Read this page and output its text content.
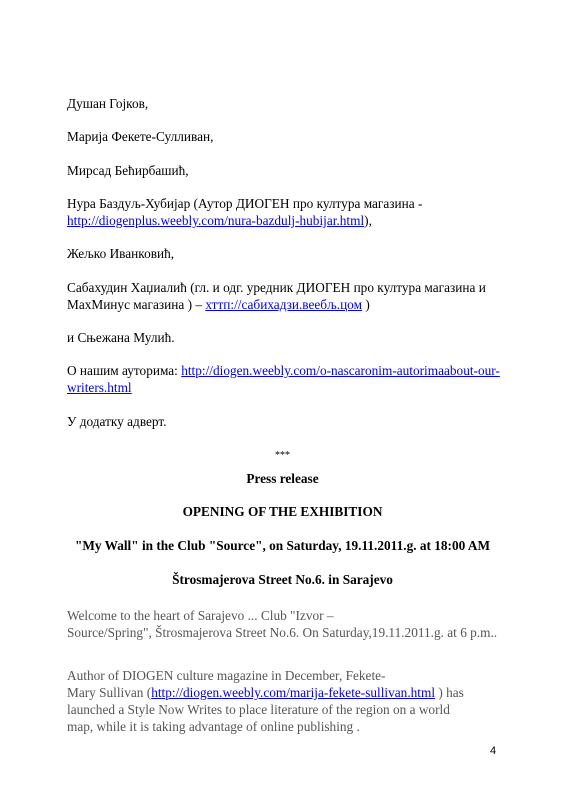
Душан Гојков,
Марија Фекете-Сулливан,
Мирсад Бећирбашић,
Нура Баздуљ-Хубијар (Аутор ДИОГЕН про култура магазина -
http://diogenplus.weebly.com/nura-bazdulj-hubijar.html),
Жељко Иванковић,
Сабахудин Хаџиалић (гл. и одг. уредник ДИОГЕН про култура магазина и
МахМинус магазина ) – хттп://сабихадзи.веебљ.цом )
и Сњежана Мулић.
О нашим ауторима: http://diogen.weebly.com/o-nascaronim-autorimaabout-our-
writers.html
У додатку адверт.
***
Press release
OPENING OF THE EXHIBITION
"My Wall" in the Club "Source", on Saturday, 19.11.2011.g. at 18:00 AM
Štrosmajerova Street No.6. in Sarajevo
Welcome to the heart of Sarajevo ... Club "Izvor –
Source/Spring", Štrosmajerova Street No.6. On Saturday,19.11.2011.g. at 6 p.m..
Author of DIOGEN culture magazine in December, Fekete-
Mary Sullivan (http://diogen.weebly.com/marija-fekete-sullivan.html ) has
launched a Style Now Writes to place literature of the region on a world
map, while it is taking advantage of online publishing .
4
